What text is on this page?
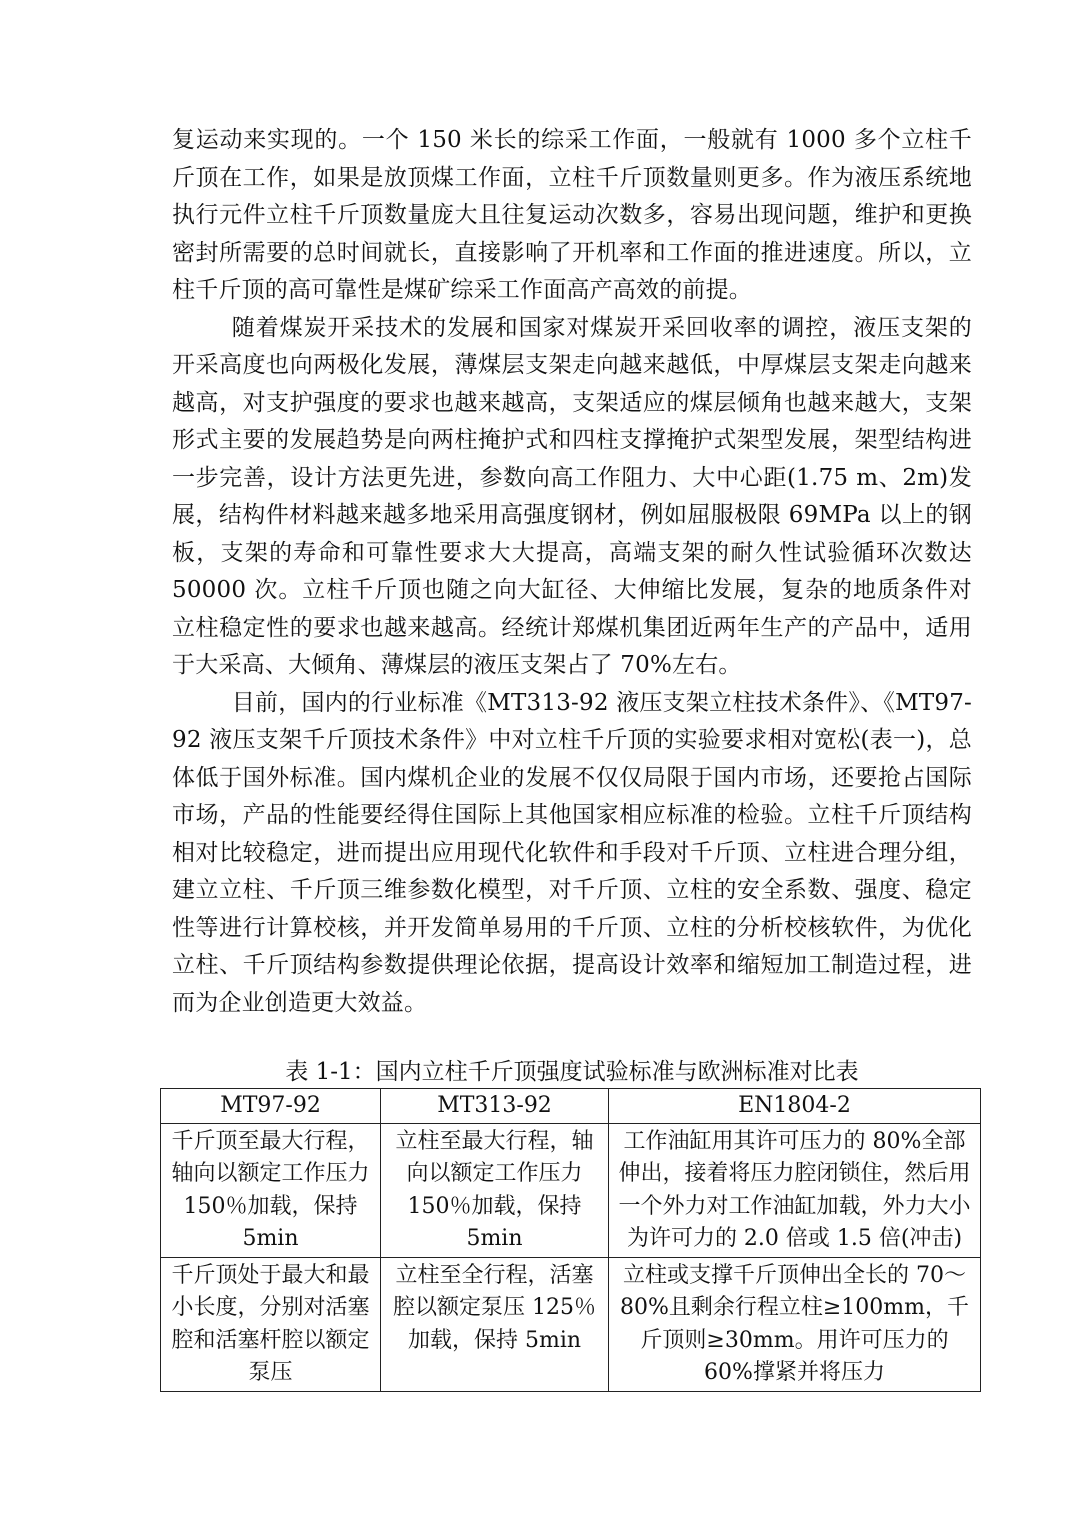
复运动来实现的。一个 150 米长的综采工作面，一般就有 1000 多个立柱千斤顶在工作，如果是放顶煤工作面，立柱千斤顶数量则更多。作为液压系统地执行元件立柱千斤顶数量庞大且往复运动次数多，容易出现问题，维护和更换密封所需要的总时间就长，直接影响了开机率和工作面的推进速度。所以，立柱千斤顶的高可靠性是煤矿综采工作面高产高效的前提。

随着煤炭开采技术的发展和国家对煤炭开采回收率的调控，液压支架的开采高度也向两极化发展，薄煤层支架走向越来越低，中厚煤层支架走向越来越高，对支护强度的要求也越来越高，支架适应的煤层倾角也越来越大，支架形式主要的发展趋势是向两柱掩护式和四柱支撑掩护式架型发展，架型结构进一步完善，设计方法更先进，参数向高工作阻力、大中心距(1.75 m、2m)发展，结构件材料越来越多地采用高强度钢材，例如屈服极限 69MPa 以上的钢板，支架的寿命和可靠性要求大大提高，高端支架的耐久性试验循环次数达 50000 次。立柱千斤顶也随之向大缸径、大伸缩比发展，复杂的地质条件对立柱稳定性的要求也越来越高。经统计郑煤机集团近两年生产的产品中，适用于大采高、大倾角、薄煤层的液压支架占了 70%左右。

目前，国内的行业标准《MT313-92 液压支架立柱技术条件》、《MT97-92 液压支架千斤顶技术条件》中对立柱千斤顶的实验要求相对宽松(表一)，总体低于国外标准。国内煤机企业的发展不仅仅局限于国内市场，还要抢占国际市场，产品的性能要经得住国际上其他国家相应标准的检验。立柱千斤顶结构相对比较稳定，进而提出应用现代化软件和手段对千斤顶、立柱进合理分组，建立立柱、千斤顶三维参数化模型，对千斤顶、立柱的安全系数、强度、稳定性等进行计算校核，并开发简单易用的千斤顶、立柱的分析校核软件，为优化立柱、千斤顶结构参数提供理论依据，提高设计效率和缩短加工制造过程，进而为企业创造更大效益。

表 1-1：国内立柱千斤顶强度试验标准与欧洲标准对比表
MT97-92	MT313-92	EN1804-2
千斤顶至最大行程，轴向以额定工作压力 150％加载，保持 5min	立柱至最大行程，轴向以额定工作压力 150％加载，保持 5min	工作油缸用其许可压力的 80%全部伸出，接着将压力腔闭锁住，然后用一个外力对工作油缸加载，外力大小为许可力的 2.0 倍或 1.5 倍(冲击)
千斤顶处于最大和最小长度，分别对活塞腔和活塞杆腔以额定泵压	立柱至全行程，活塞腔以额定泵压 125％加载，保持 5min	立柱或支撑千斤顶伸出全长的 70～80%且剩余行程立柱≥100mm，千斤顶则≥30mm。用许可压力的 60%撑紧并将压力
